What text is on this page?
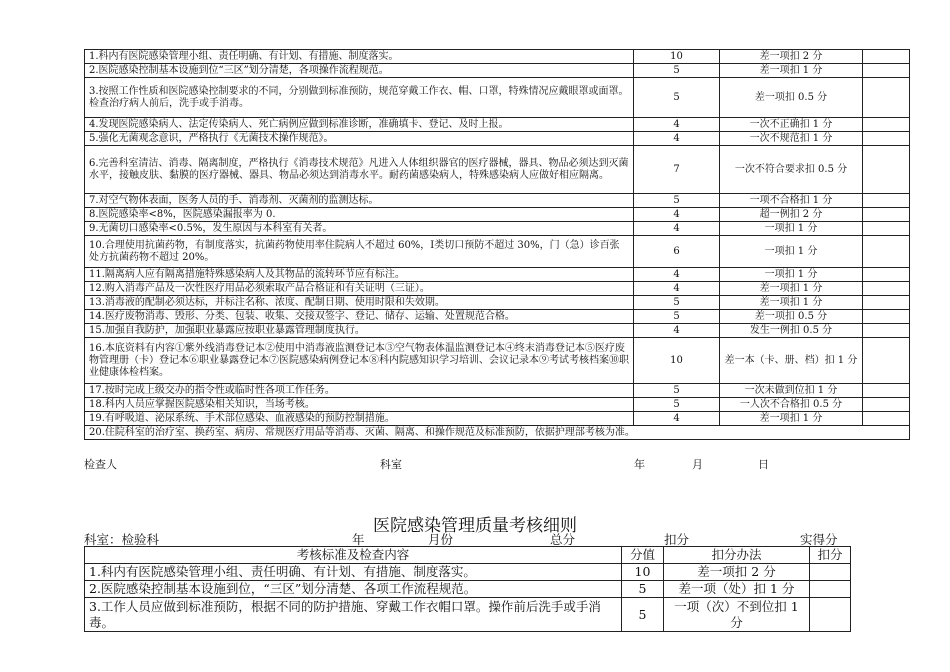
1.科内有医院感染管理小组、责任明确、有计划、有措施、制度落实。	10	差一项扣 2 分	
2.医院感染控制基本设施到位“三区”划分清楚，各项操作流程规范。	5	差一项扣 1 分	
3.按照工作性质和医院感染控制要求的不同，分别做到标准预防，规范穿戴工作衣、帽、口罩，特殊情况应戴眼罩或面罩。检查治疗病人前后，洗手或手消毒。	5	差一项扣 0.5 分	
4.发现医院感染病人、法定传染病人、死亡病例应做到标准诊断，准确填卡、登记、及时上报。	4	一次不正确扣 1 分	
5.强化无菌观念意识，严格执行《无菌技术操作规范》。	4	一次不规范扣 1 分	
6.完善科室清洁、消毒、隔离制度，严格执行《消毒技术规范》凡进入人体组织器官的医疗器械，器具、物品必须达到灭菌水平，接触皮肤、黏膜的医疗器械、器具、物品必须达到消毒水平。耐药菌感染病人，特殊感染病人应做好相应隔离。	7	一次不符合要求扣 0.5 分	
7.对空气物体表面，医务人员的手、消毒剂、灭菌剂的监测达标。	5	一项不合格扣 1 分	
8.医院感染率<8%，医院感染漏报率为 0.	4	超一例扣 2 分	
9.无菌切口感染率<0.5%，发生原因与本科室有关者。	4	一项扣 1 分	
10.合理使用抗菌药物，有制度落实，抗菌药物使用率住院病人不超过 60%，Ⅰ类切口预防不超过 30%，门（急）诊百张处方抗菌药物不超过 20%。	6	一项扣 1 分	
11.隔离病人应有隔离措施特殊感染病人及其物品的流转环节应有标注。	4	一项扣 1 分	
12.购入消毒产品及一次性医疗用品必须索取产品合格证和有关证明（三证）。	4	差一项扣 1 分	
13.消毒液的配制必须达标，并标注名称、浓度、配制日期、使用时限和失效期。	5	差一项扣 1 分	
14.医疗废物消毒、毁形、分类、包装、收集、交接双签字、登记、储存、运输、处置规范合格。	5	差一项扣 0.5 分	
15.加强自我防护，加强职业暴露应按职业暴露管理制度执行。	4	发生一例扣 0.5 分	
16.本底资料有内容①紫外线消毒登记本②使用中消毒液监测登记本③空气物表体温监测登记本④终末消毒登记本⑤医疗废物管理册（卡）登记本⑥职业暴露登记本⑦医院感染病例登记本⑧科内院感知识学习培训、会议记录本⑨考试考核档案⑩职业健康体检档案。	10	差一本（卡、册、档）扣 1 分	
17.按时完成上级交办的指令性或临时性各项工作任务。	5	一次未做到位扣 1 分	
18.科内人员应掌握医院感染相关知识，当场考核。	5	一人次不合格扣 0.5 分	
19.有呼吸道、泌尿系统、手术部位感染、血液感染的预防控制措施。	4	差一项扣 1 分	
20.住院科室的治疗室、换药室、病房、常规医疗用品等消毒、灭菌、隔离、和操作规范及标准预防，依据护理部考核为准。			
检查人	科室	年	月	日
医院感染管理质量考核细则
科室：检验科	年	月份	总分	扣分	实得分
考核标准及检查内容	分值	扣分办法	扣分
1.科内有医院感染管理小组、责任明确、有计划、有措施、制度落实。	10	差一项扣 2 分	
2.医院感染控制基本设施到位，“三区”划分清楚、各项工作流程规范。	5	差一项（处）扣 1 分	
3.工作人员应做到标准预防，根据不同的防护措施、穿戴工作衣帽口罩。操作前后洗手或手消毒。	5	一项（次）不到位扣 1 分	
